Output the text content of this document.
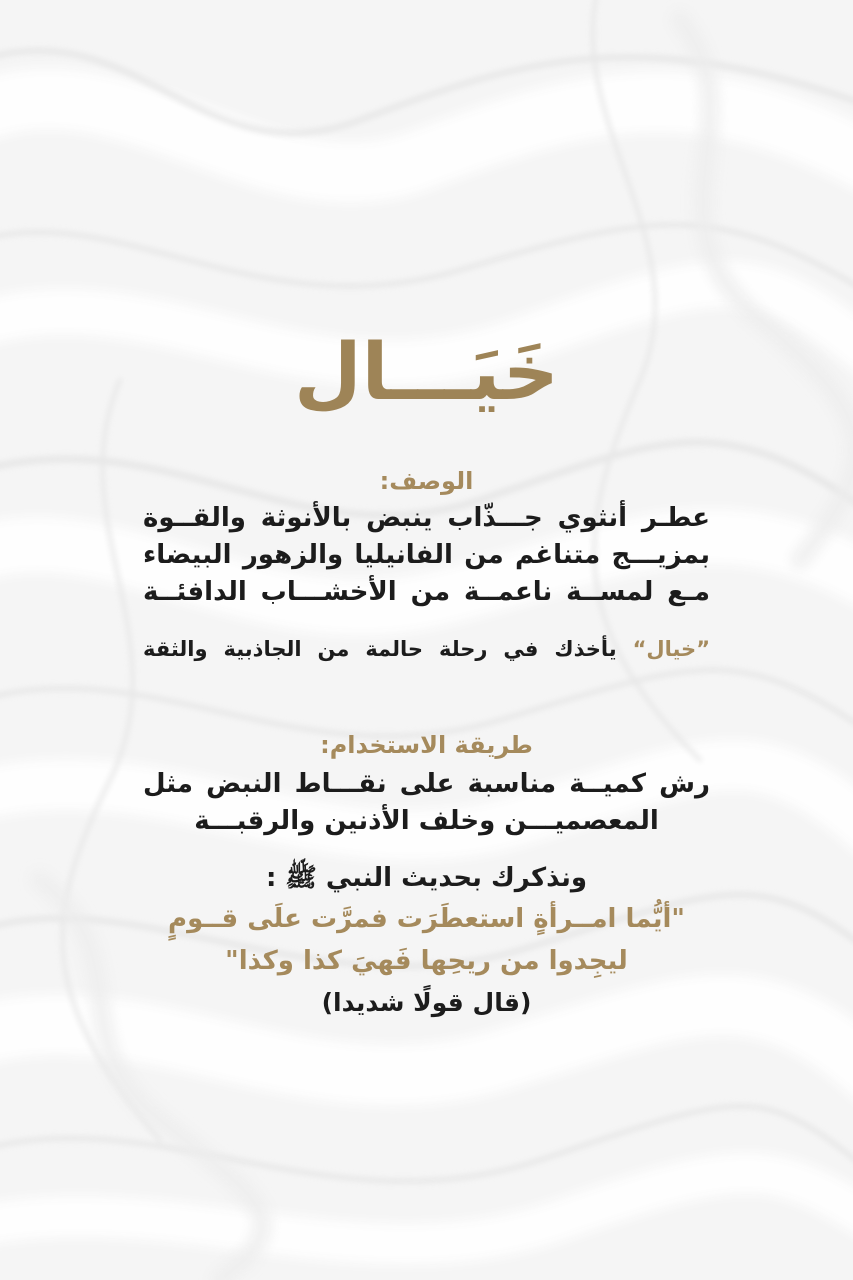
خَيَـــال
الوصف:
عطـر أنثوي جـــذّاب ينبض بالأنوثة والقــوة
بمزيـــج متناغم من الفانيليا والزهور البيضاء
مـع لمســة ناعمــة من الأخشـــاب الدافئــة
”خيال“ يأخذك في رحلة حالمة من الجاذبية والثقة
طريقة الاستخدام:
رش كميــة مناسبة على نقـــاط النبض مثل
المعصميـــن وخلف الأذنين والرقبـــة
ونذكرك بحديث النبي ﷺ :
"أيُّما امــرأةٍ استعطَرَت فمرَّت علَى قــومٍ
ليجِدوا من ريحِها فَهيَ كذا وكذا"
(قال قولًا شديدا)
